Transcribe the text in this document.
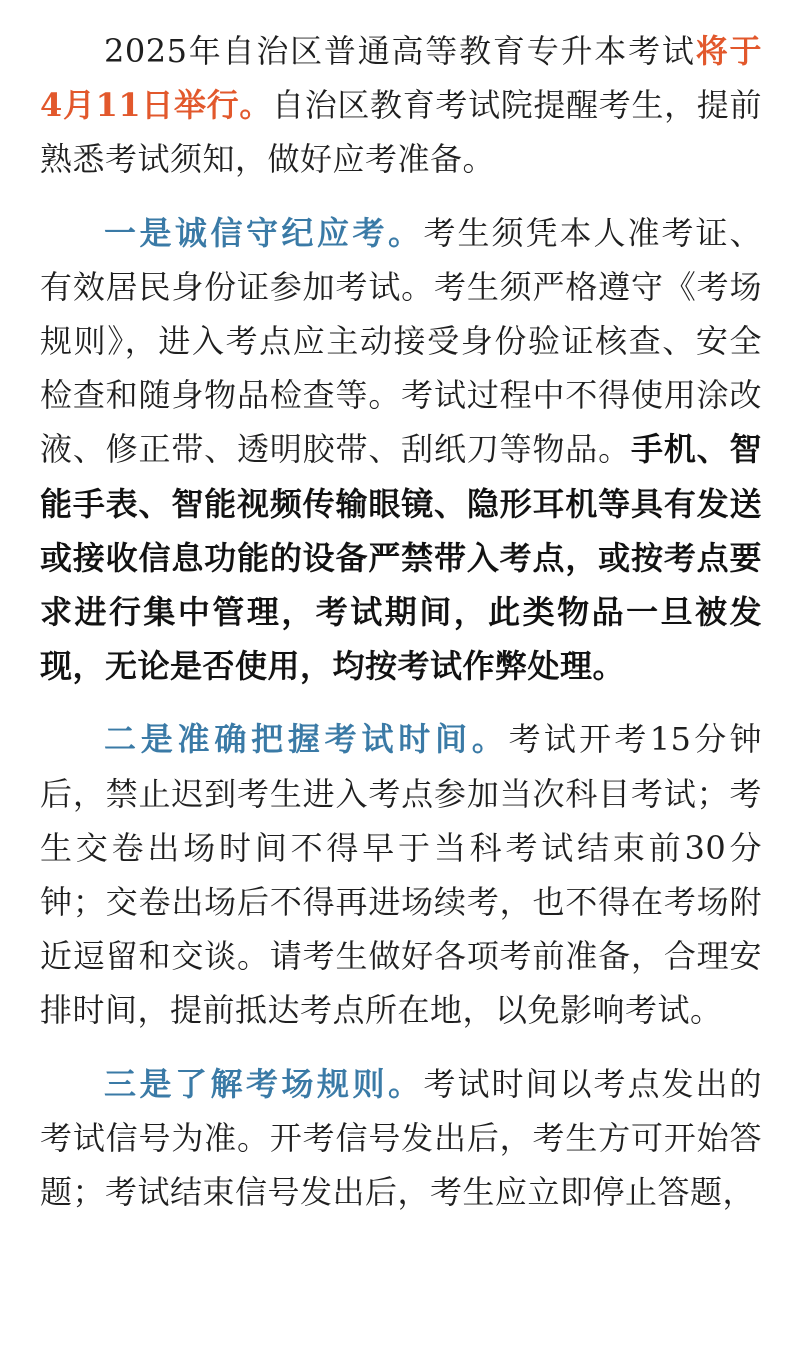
2025年自治区普通高等教育专升本考试将于4月11日举行。自治区教育考试院提醒考生，提前熟悉考试须知，做好应考准备。

一是诚信守纪应考。考生须凭本人准考证、有效居民身份证参加考试。考生须严格遵守《考场规则》，进入考点应主动接受身份验证核查、安全检查和随身物品检查等。考试过程中不得使用涂改液、修正带、透明胶带、刮纸刀等物品。手机、智能手表、智能视频传输眼镜、隐形耳机等具有发送或接收信息功能的设备严禁带入考点，或按考点要求进行集中管理，考试期间，此类物品一旦被发现，无论是否使用，均按考试作弊处理。

二是准确把握考试时间。考试开考15分钟后，禁止迟到考生进入考点参加当次科目考试；考生交卷出场时间不得早于当科考试结束前30分钟；交卷出场后不得再进场续考，也不得在考场附近逗留和交谈。请考生做好各项考前准备，合理安排时间，提前抵达考点所在地，以免影响考试。

三是了解考场规则。考试时间以考点发出的考试信号为准。开考信号发出后，考生方可开始答题；考试结束信号发出后，考生应立即停止答题，
